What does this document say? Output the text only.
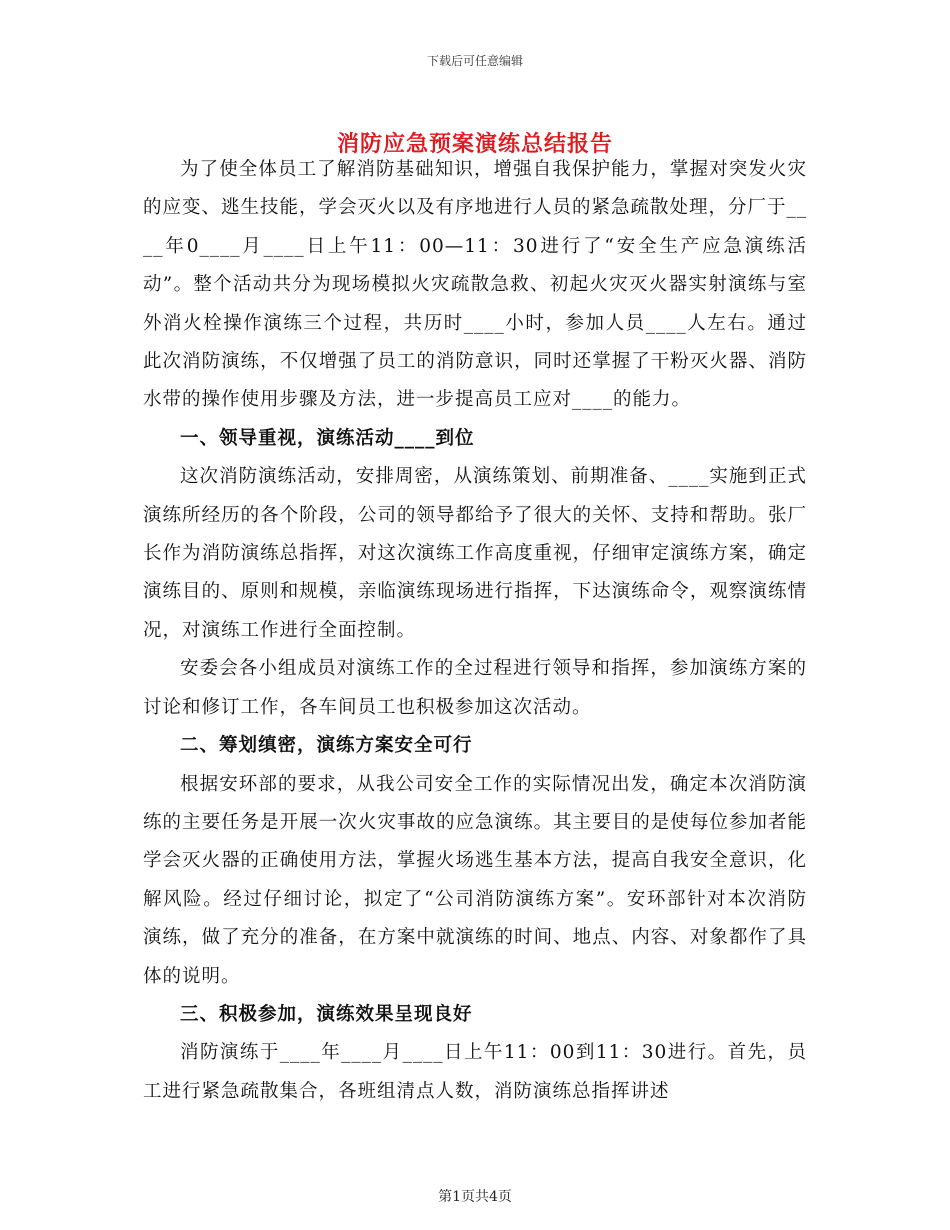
下载后可任意编辑
消防应急预案演练总结报告

为了使全体员工了解消防基础知识，增强自我保护能力，掌握对突发火灾的应变、逃生技能，学会灭火以及有序地进行人员的紧急疏散处理，分厂于____年0____月____日上午11：00—11：30进行了“安全生产应急演练活动”。整个活动共分为现场模拟火灾疏散急救、初起火灾灭火器实射演练与室外消火栓操作演练三个过程，共历时____小时，参加人员____人左右。通过此次消防演练，不仅增强了员工的消防意识，同时还掌握了干粉灭火器、消防水带的操作使用步骤及方法，进一步提高员工应对____的能力。

一、领导重视，演练活动____到位

这次消防演练活动，安排周密，从演练策划、前期准备、____实施到正式演练所经历的各个阶段，公司的领导都给予了很大的关怀、支持和帮助。张厂长作为消防演练总指挥，对这次演练工作高度重视，仔细审定演练方案，确定演练目的、原则和规模，亲临演练现场进行指挥，下达演练命令，观察演练情况，对演练工作进行全面控制。

安委会各小组成员对演练工作的全过程进行领导和指挥，参加演练方案的讨论和修订工作，各车间员工也积极参加这次活动。

二、筹划缜密，演练方案安全可行

根据安环部的要求，从我公司安全工作的实际情况出发，确定本次消防演练的主要任务是开展一次火灾事故的应急演练。其主要目的是使每位参加者能学会灭火器的正确使用方法，掌握火场逃生基本方法，提高自我安全意识，化解风险。经过仔细讨论，拟定了“公司消防演练方案”。安环部针对本次消防演练，做了充分的准备，在方案中就演练的时间、地点、内容、对象都作了具体的说明。

三、积极参加，演练效果呈现良好

消防演练于____年____月____日上午11：00到11：30进行。首先，员工进行紧急疏散集合，各班组清点人数，消防演练总指挥讲述

第1页共4页
